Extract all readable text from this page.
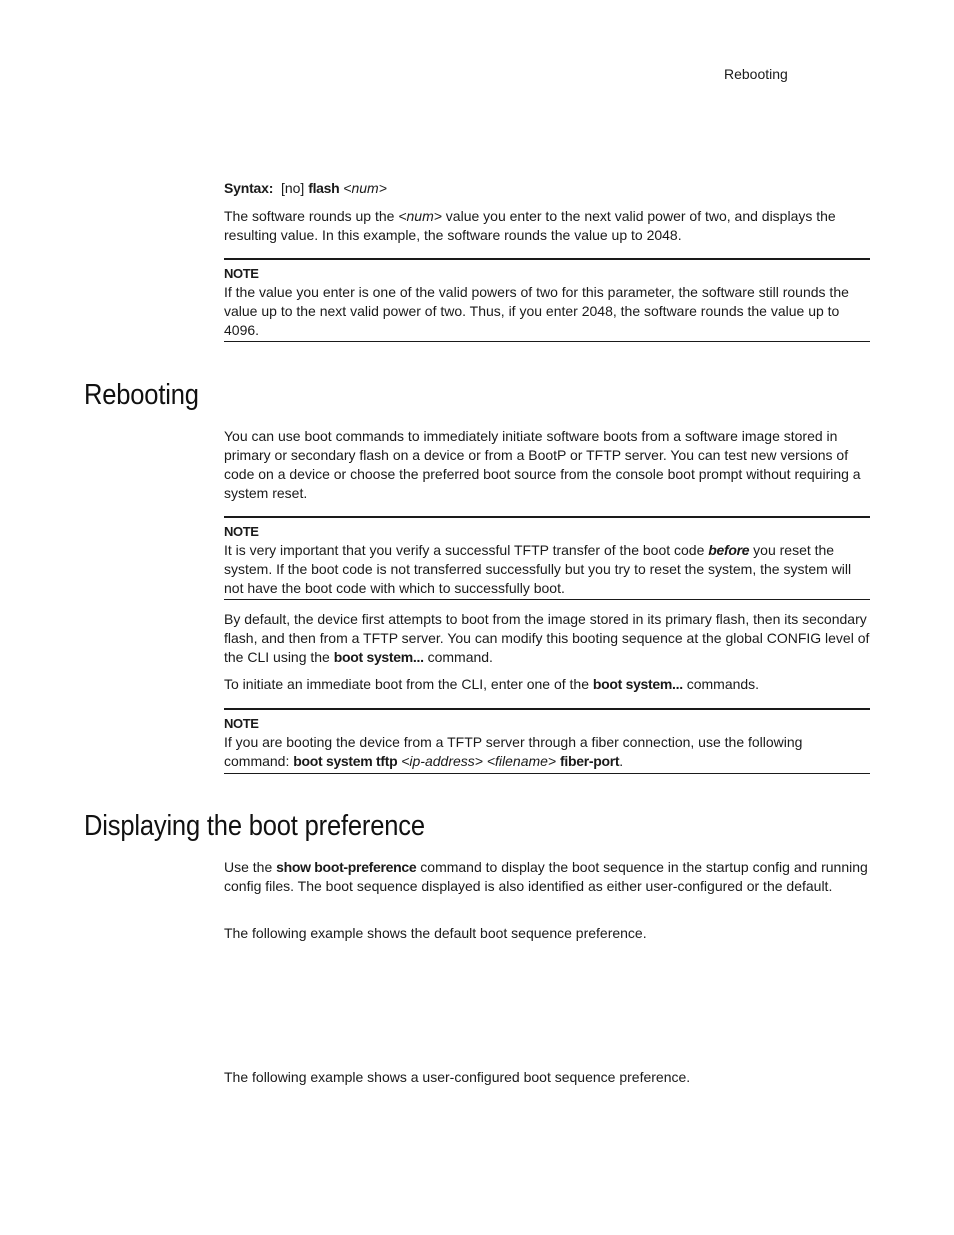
Rebooting

Syntax: [no] flash <num>

The software rounds up the <num> value you enter to the next valid power of two, and displays the resulting value. In this example, the software rounds the value up to 2048.

NOTE

If the value you enter is one of the valid powers of two for this parameter, the software still rounds the value up to the next valid power of two. Thus, if you enter 2048, the software rounds the value up to 4096.

Rebooting

You can use boot commands to immediately initiate software boots from a software image stored in primary or secondary flash on a device or from a BootP or TFTP server. You can test new versions of code on a device or choose the preferred boot source from the console boot prompt without requiring a system reset.

NOTE

It is very important that you verify a successful TFTP transfer of the boot code before you reset the system. If the boot code is not transferred successfully but you try to reset the system, the system will not have the boot code with which to successfully boot.

By default, the device first attempts to boot from the image stored in its primary flash, then its secondary flash, and then from a TFTP server. You can modify this booting sequence at the global CONFIG level of the CLI using the boot system... command.

To initiate an immediate boot from the CLI, enter one of the boot system... commands.

NOTE

If you are booting the device from a TFTP server through a fiber connection, use the following command: boot system tftp <ip-address> <filename> fiber-port.

Displaying the boot preference

Use the show boot-preference command to display the boot sequence in the startup config and running config files. The boot sequence displayed is also identified as either user-configured or the default.

The following example shows the default boot sequence preference.

The following example shows a user-configured boot sequence preference.
